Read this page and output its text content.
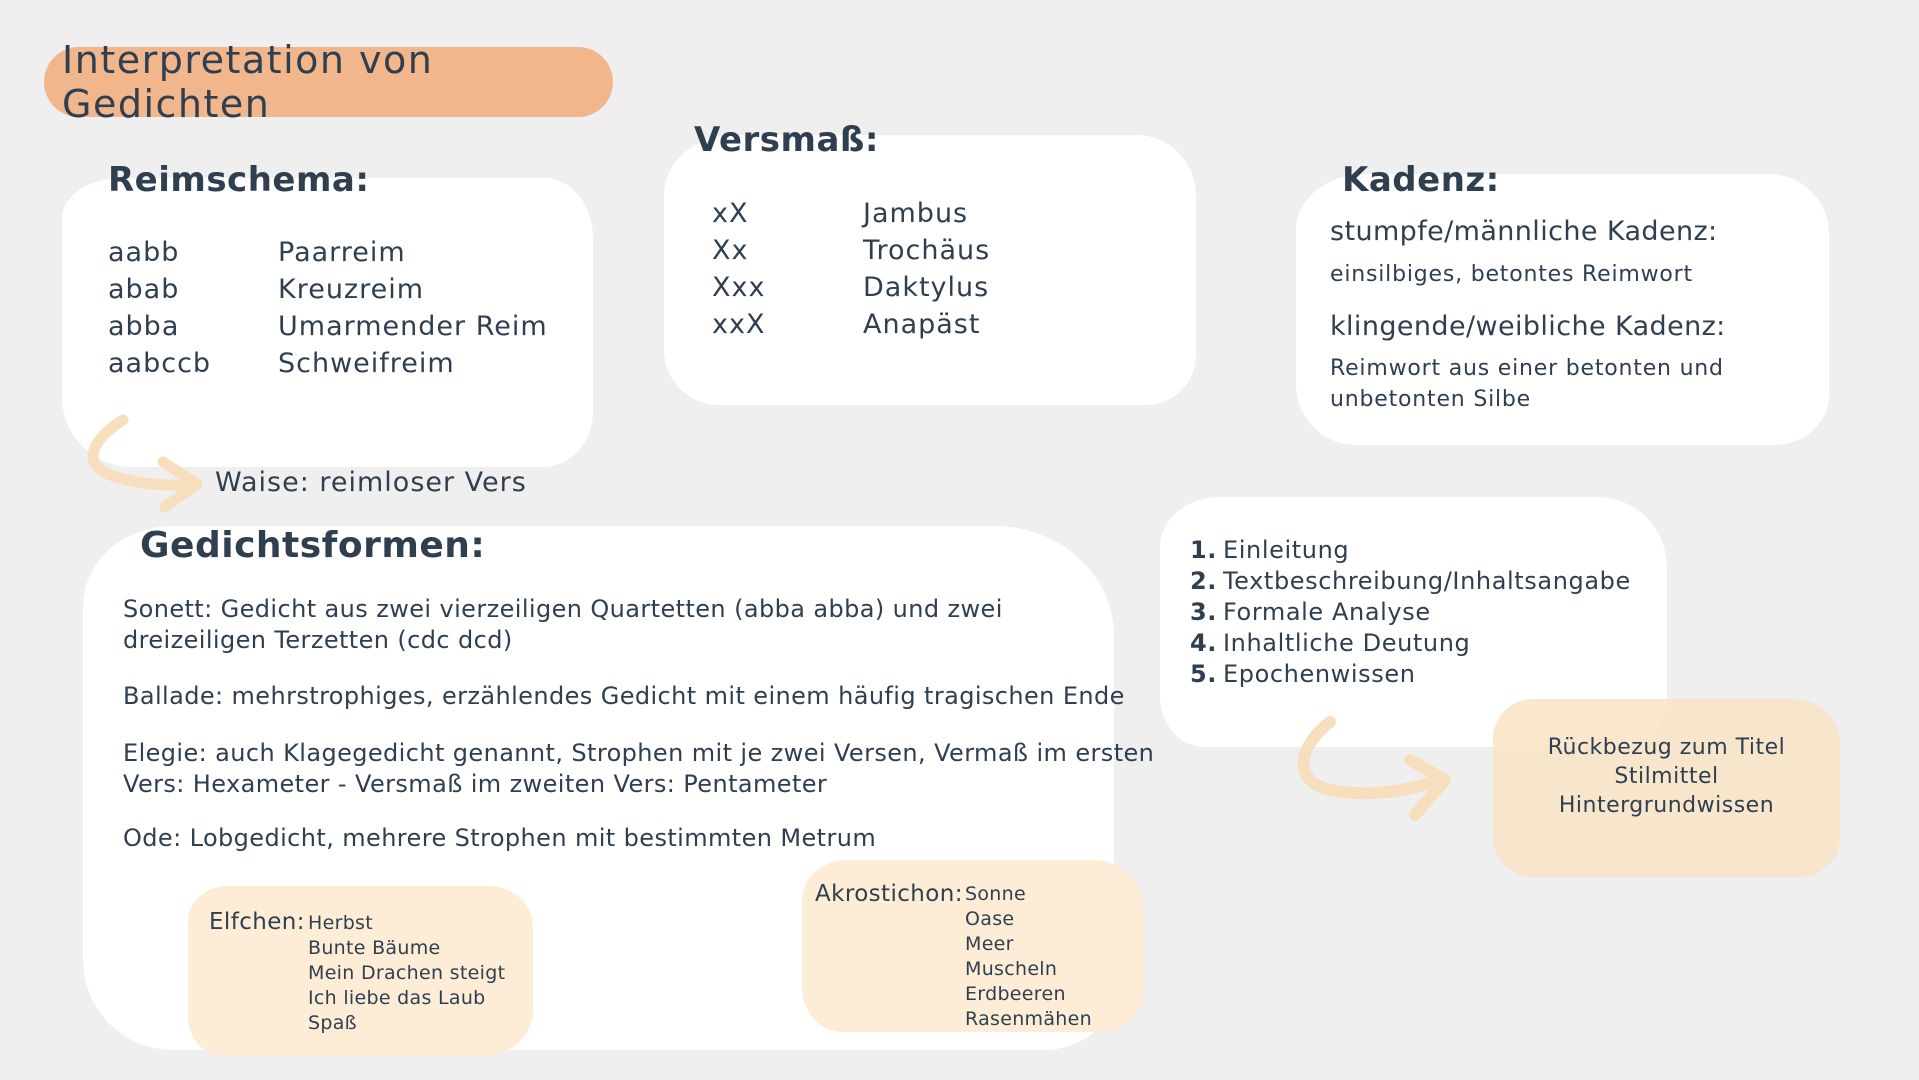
Interpretation von Gedichten
Reimschema:
aabb
abab
abba
aabccb
Paarreim
Kreuzreim
Umarmender Reim
Schweifreim
Waise: reimloser Vers
Versmaß:
xX
Xx
Xxx
xxX
Jambus
Trochäus
Daktylus
Anapäst
Kadenz:
stumpfe/männliche Kadenz:
einsilbiges, betontes Reimwort
klingende/weibliche Kadenz:
Reimwort aus einer betonten und
unbetonten Silbe
Gedichtsformen:
Sonett: Gedicht aus zwei vierzeiligen Quartetten (abba abba) und zwei
dreizeiligen Terzetten (cdc dcd)
Ballade: mehrstrophiges, erzählendes Gedicht mit einem häufig tragischen Ende
Elegie: auch Klagegedicht genannt, Strophen mit je zwei Versen, Vermaß im ersten
Vers: Hexameter - Versmaß im zweiten Vers: Pentameter
Ode: Lobgedicht, mehrere Strophen mit bestimmten Metrum
Elfchen: Herbst
Bunte Bäume
Mein Drachen steigt
Ich liebe das Laub
Spaß
Akrostichon: Sonne
Oase
Meer
Muscheln
Erdbeeren
Rasenmähen
1. Einleitung
2. Textbeschreibung/Inhaltsangabe
3. Formale Analyse
4. Inhaltliche Deutung
5. Epochenwissen
Rückbezug zum Titel
Stilmittel
Hintergrundwissen
